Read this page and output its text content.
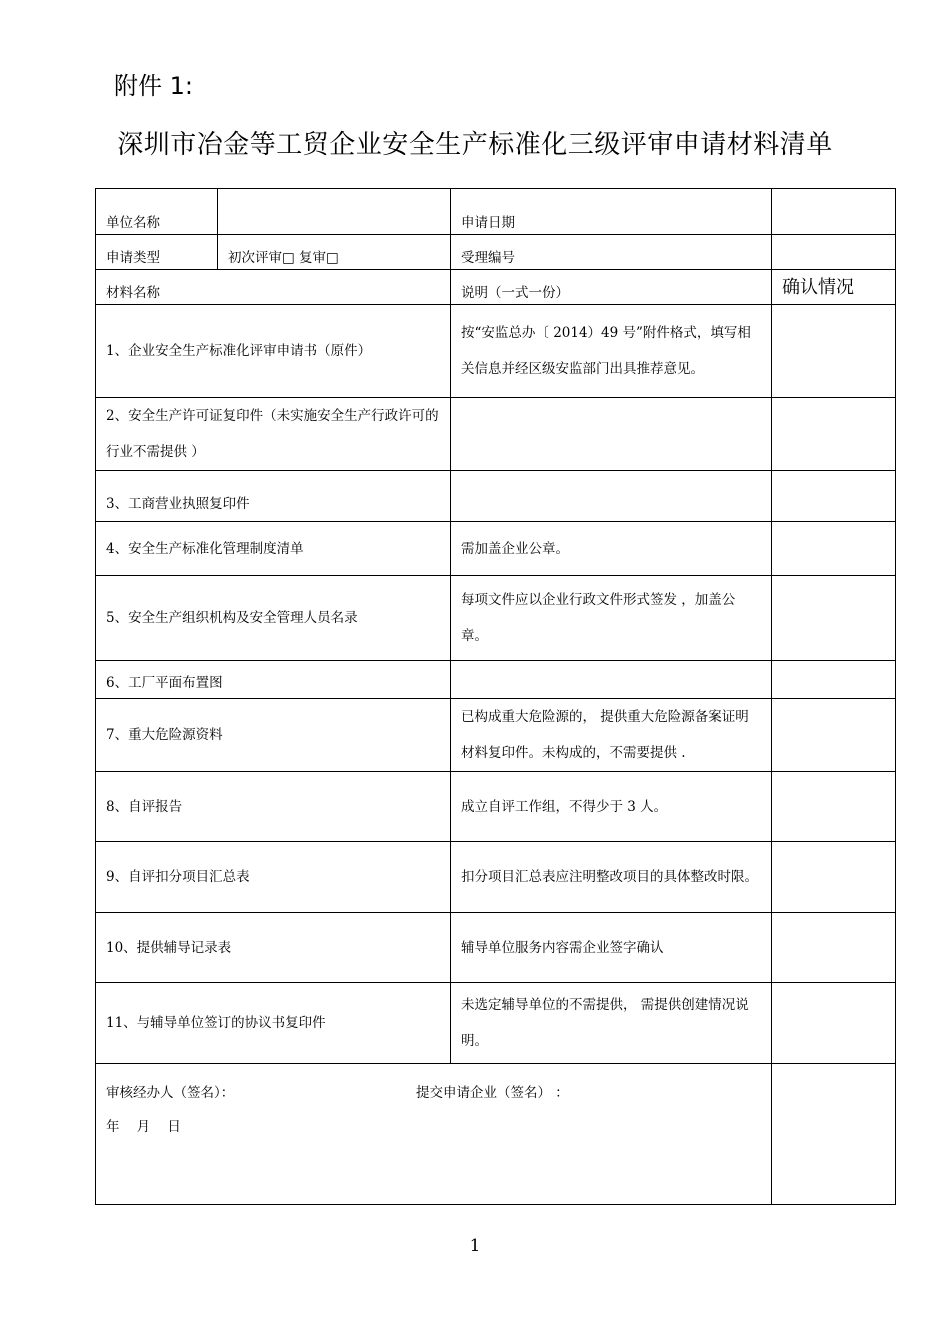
附件 1:
深圳市冶金等工贸企业安全生产标准化三级评审申请材料清单
单位名称		申请日期	
申请类型	初次评审□ 复审□	受理编号	
材料名称		说明（一式一份）	确认情况
1、企业安全生产标准化评审申请书（原件）		按“安监总办〔 2014）49 号”附件格式，填写相关信息并经区级安监部门出具推荐意见。	
2、安全生产许可证复印件（未实施安全生产行政许可的行业不需提供 ）			
3、工商营业执照复印件			
4、安全生产标准化管理制度清单		需加盖企业公章。	
5、安全生产组织机构及安全管理人员名录		每项文件应以企业行政文件形式签发 ，加盖公章。	
6、工厂平面布置图			
7、重大危险源资料		已构成重大危险源的， 提供重大危险源备案证明材料复印件。未构成的，不需要提供 .	
8、自评报告		成立自评工作组，不得少于 3 人。	
9、自评扣分项目汇总表		扣分项目汇总表应注明整改项目的具体整改时限。	
10、提供辅导记录表		辅导单位服务内容需企业签字确认	
11、与辅导单位签订的协议书复印件		未选定辅导单位的不需提供， 需提供创建情况说明。	
审核经办人（签名）： 提交申请企业（签名） ：
年    月    日			
1
